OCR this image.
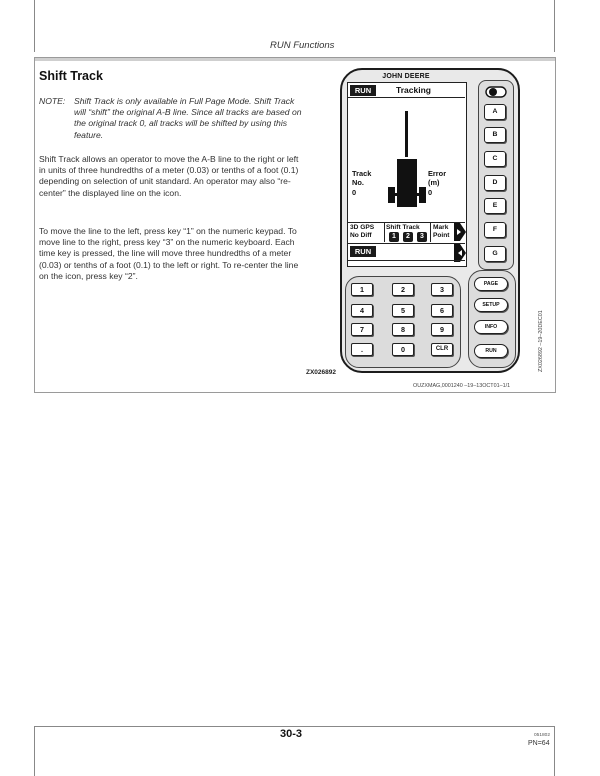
RUN Functions
Shift Track
NOTE: Shift Track is only available in Full Page Mode. Shift Track will “shift” the original A-B line. Since all tracks are based on the original track 0, all tracks will be shifted by using this feature.
Shift Track allows an operator to move the A-B line to the right or left in units of three hundredths of a meter (0.03) or tenths of a foot (0.1) depending on selection of unit standard. An operator may also “re-center” the displayed line on the icon.
To move the line to the left, press key “1” on the numeric keypad. To move line to the right, press key “3” on the numeric keyboard. Each time key is pressed, the line will move three hundredths of a meter (0.03) or tenths of a foot (0.1) to the left or right. To re-center the line on the icon, press key “2”.
JOHN DEERE
RUN	Tracking
Track
No.
0
Error
(m)
0
3D GPS
No Diff
Shift Track
1	2	3
Mark
Point
RUN
A
B
C
D
E
F
G
1	2	3
4	5	6
7	8	9
.	0	CLR
PAGE
SETUP
INFO
RUN
ZX026892
ZX026892 –19–20DEC01
OUZXMAG,0001240 –19–13OCT01–1/1
30-3	051802
PN=64
